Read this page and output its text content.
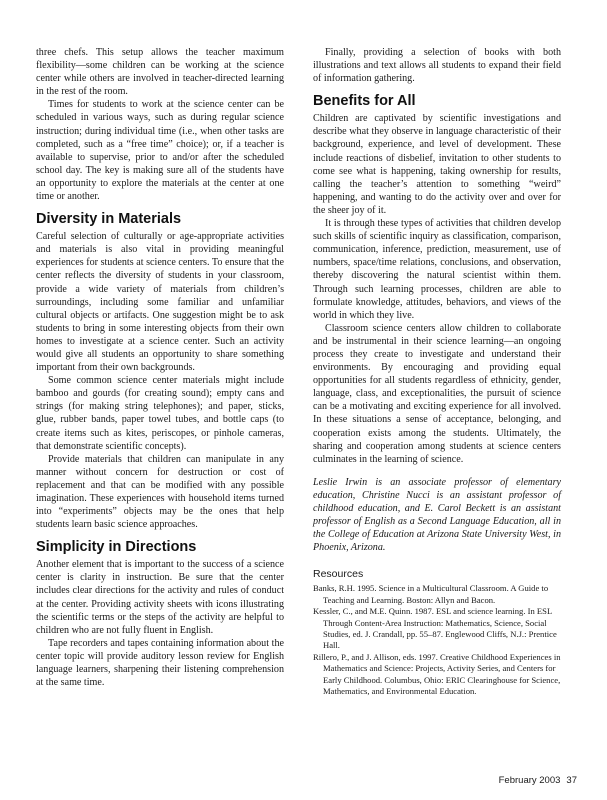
three chefs. This setup allows the teacher maximum flexibility—some children can be working at the science center while others are involved in teacher-directed learning in the rest of the room.

Times for students to work at the science center can be scheduled in various ways, such as during regular science instruction; during individual time (i.e., when other tasks are completed, such as a “free time” choice); or, if a teacher is available to supervise, prior to and/or after the scheduled school day. The key is making sure all of the students have an opportunity to explore the materials at the center at one time or another.

Diversity in Materials

Careful selection of culturally or age-appropriate activities and materials is also vital in providing meaningful experiences for students at science centers. To ensure that the center reflects the diversity of students in your classroom, provide a wide variety of materials from children’s surroundings, including some familiar and unfamiliar cultural objects or artifacts. One suggestion might be to ask students to bring in some interesting objects from their own homes to investigate at a science center. Such an activity would give all students an opportunity to share something important from their own backgrounds.

Some common science center materials might include bamboo and gourds (for creating sound); empty cans and strings (for making string telephones); and paper, sticks, glue, rubber bands, paper towel tubes, and bottle caps (to create items such as kites, periscopes, or pinhole cameras, that demonstrate scientific concepts).

Provide materials that children can manipulate in any manner without concern for destruction or cost of replacement and that can be modified with any possible imagination. These experiences with household items turned into “experiments” objects may be the ones that help students learn basic science approaches.

Simplicity in Directions

Another element that is important to the success of a science center is clarity in instruction. Be sure that the center includes clear directions for the activity and rules of conduct at the center. Providing activity sheets with icons illustrating the scientific terms or the steps of the activity are helpful to children who are not fully fluent in English.

Tape recorders and tapes containing information about the center topic will provide auditory lesson review for English language learners, sharpening their listening comprehension at the same time.

Finally, providing a selection of books with both illustrations and text allows all students to expand their field of information gathering.

Benefits for All

Children are captivated by scientific investigations and describe what they observe in language characteristic of their background, experience, and level of development. These include reactions of disbelief, invitation to other students to come see what is happening, taking ownership for results, calling the teacher’s attention to something “weird” happening, and wanting to do the activity over and over for the sheer joy of it.

It is through these types of activities that children develop such skills of scientific inquiry as classification, comparison, communication, inference, prediction, measurement, use of numbers, space/time relations, conclusions, and observation, thereby discovering the natural scientist within them. Through such learning processes, children are able to formulate knowledge, attitudes, behaviors, and views of the world in which they live.

Classroom science centers allow children to collaborate and be instrumental in their science learning—an ongoing process they create to investigate and understand their environments. By encouraging and providing equal opportunities for all students regardless of ethnicity, gender, language, class, and exceptionalities, the pursuit of science can be a motivating and exciting experience for all involved. In these situations a sense of acceptance, belonging, and cooperation exists among the students. Ultimately, the sharing and cooperation among students at science centers culminates in the learning of science.

Leslie Irwin is an associate professor of elementary education, Christine Nucci is an assistant professor of childhood education, and E. Carol Beckett is an assistant professor of English as a Second Language Education, all in the College of Education at Arizona State University West, in Phoenix, Arizona.

Resources

Banks, R.H. 1995. Science in a Multicultural Classroom. A Guide to Teaching and Learning. Boston: Allyn and Bacon.

Kessler, C., and M.E. Quinn. 1987. ESL and science learning. In ESL Through Content-Area Instruction: Mathematics, Science, Social Studies, ed. J. Crandall, pp. 55–87. Englewood Cliffs, N.J.: Prentice Hall.

Rillero, P., and J. Allison, eds. 1997. Creative Childhood Experiences in Mathematics and Science: Projects, Activity Series, and Centers for Early Childhood. Columbus, Ohio: ERIC Clearinghouse for Science, Mathematics, and Environmental Education.

February 2003 37
